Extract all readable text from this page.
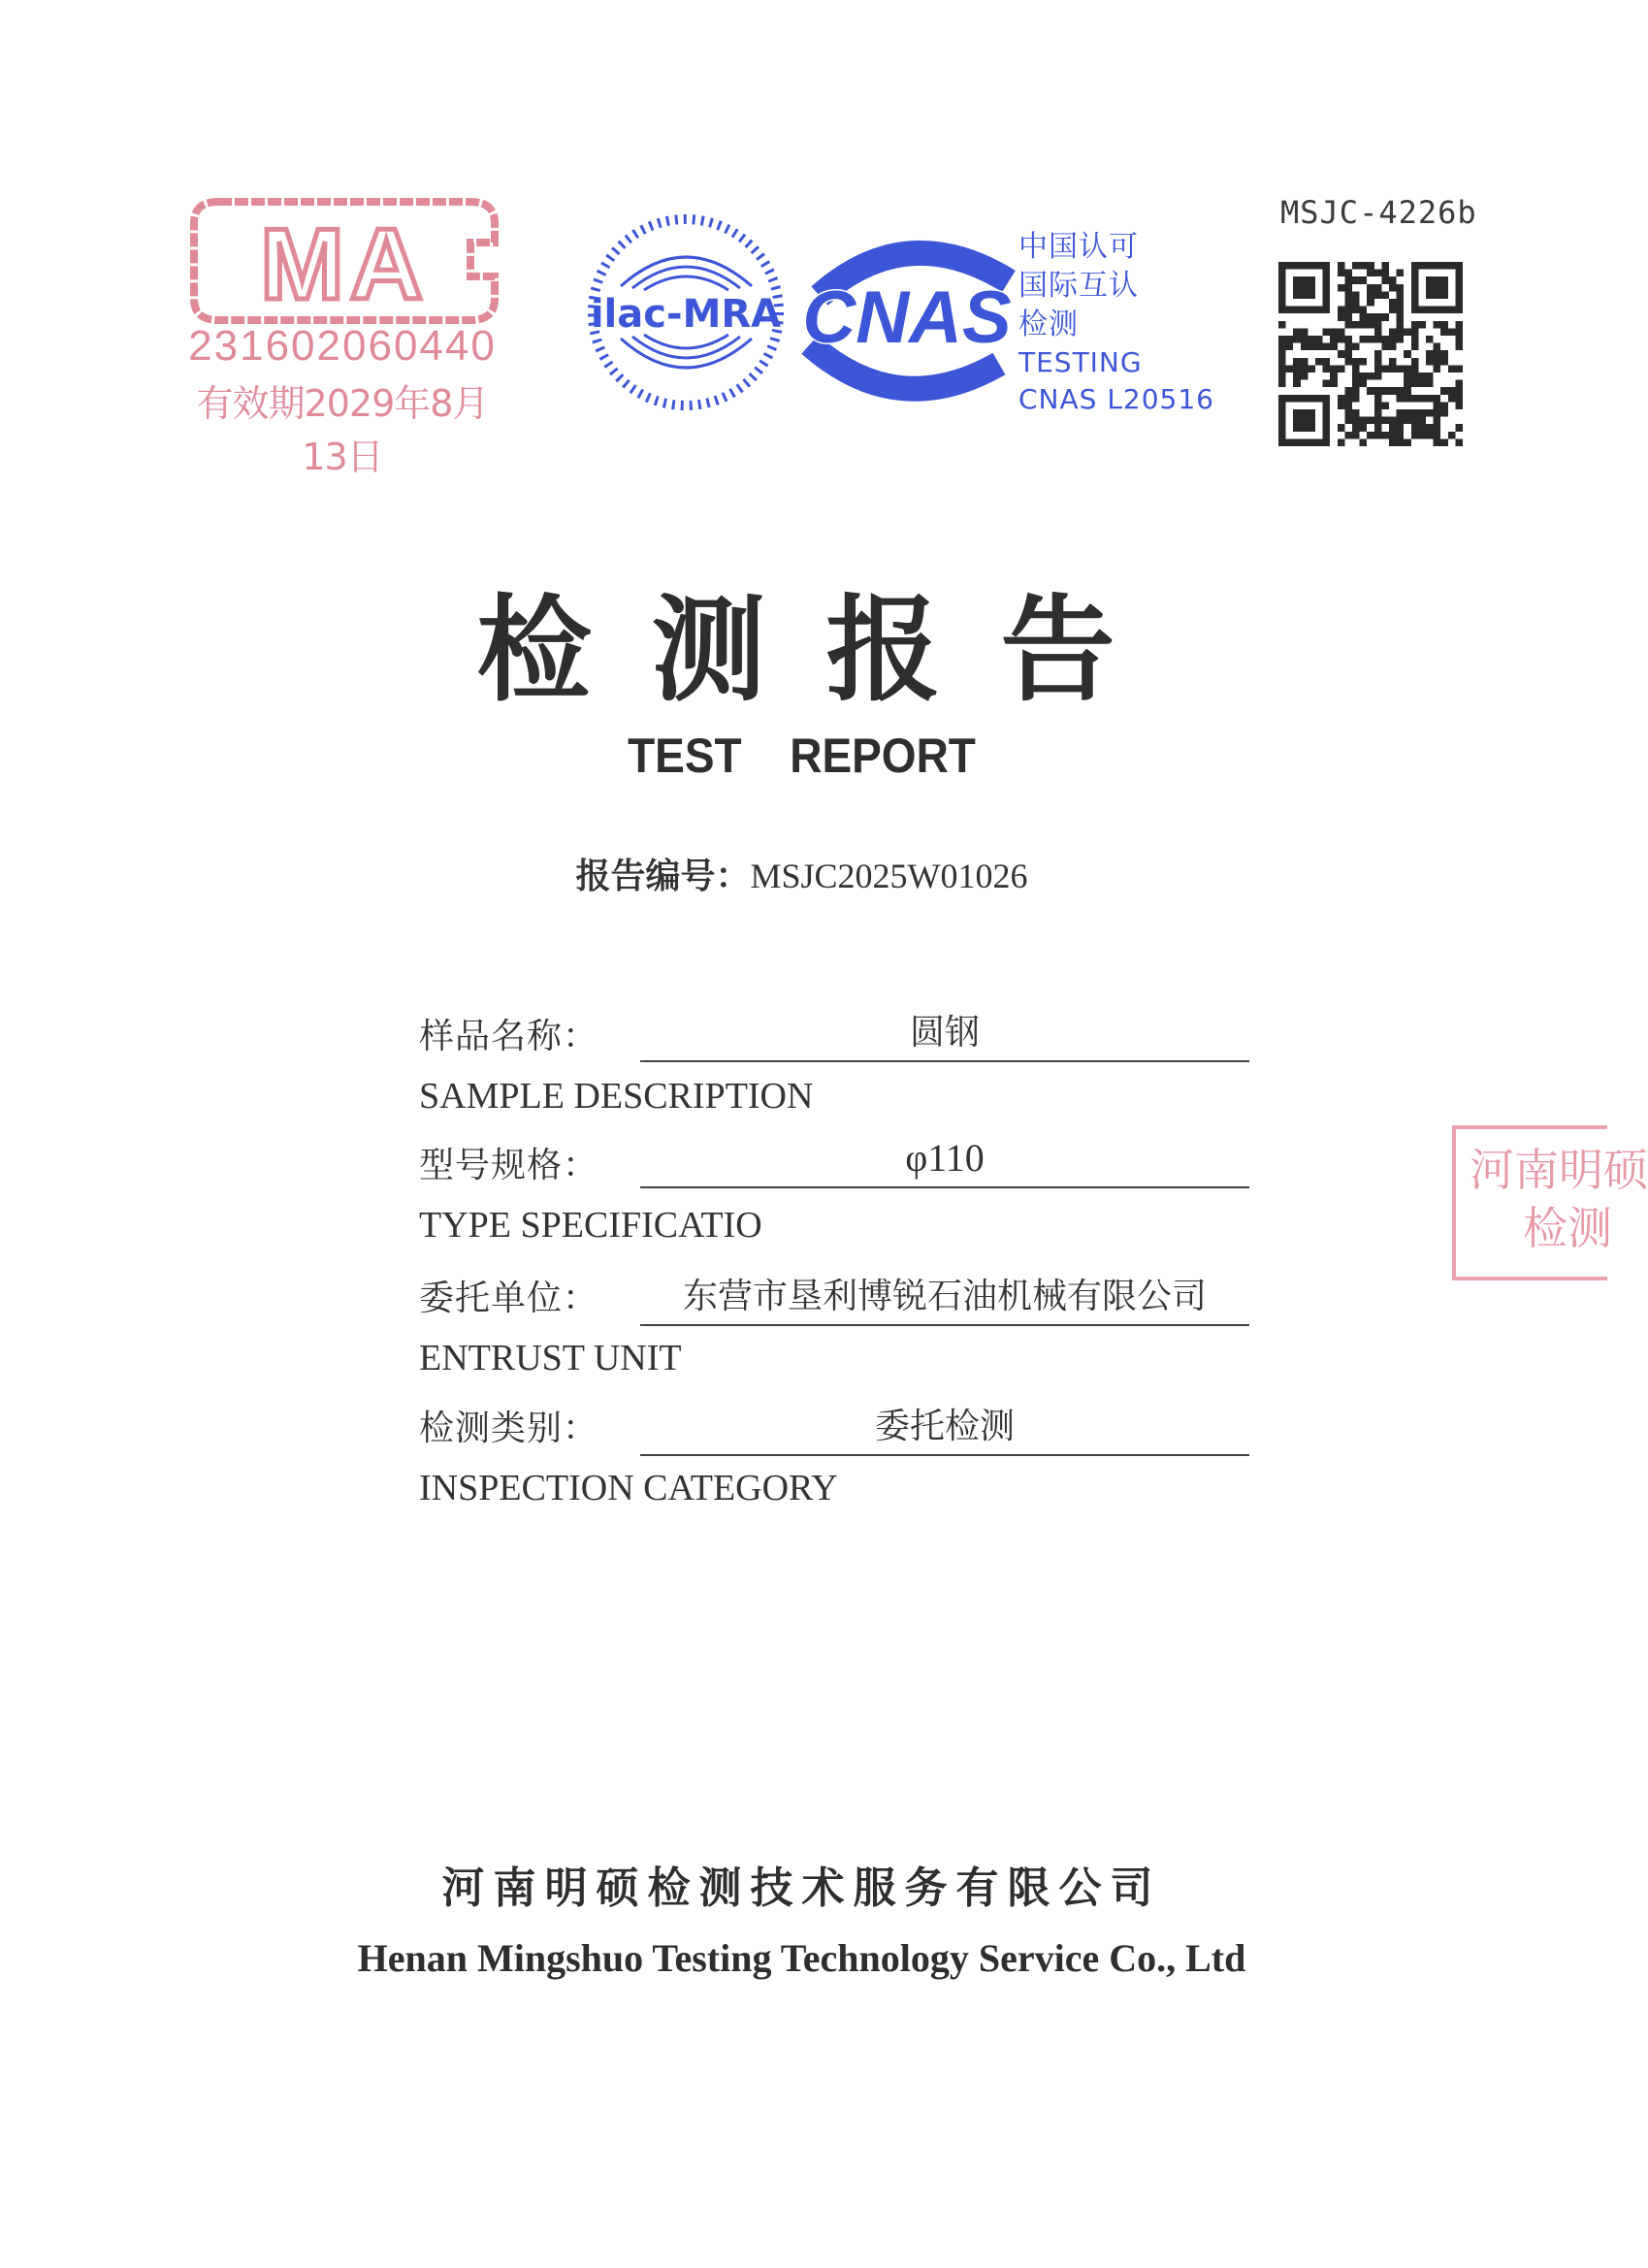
MA
231602060440
有效期2029年8月13日
ilac-MRA CNAS
中国认可
国际互认
检测
TESTING
CNAS L20516
MSJC-4226b
检测报告
TEST REPORT
报告编号：MSJC2025W01026
样品名称：	圆钢
SAMPLE DESCRIPTION
型号规格：	φ110
TYPE SPECIFICATIO
委托单位：	东营市垦利博锐石油机械有限公司
ENTRUST UNIT
检测类别：	委托检测
INSPECTION CATEGORY
河南明硕
检测
河南明硕检测技术服务有限公司
Henan Mingshuo Testing Technology Service Co., Ltd
